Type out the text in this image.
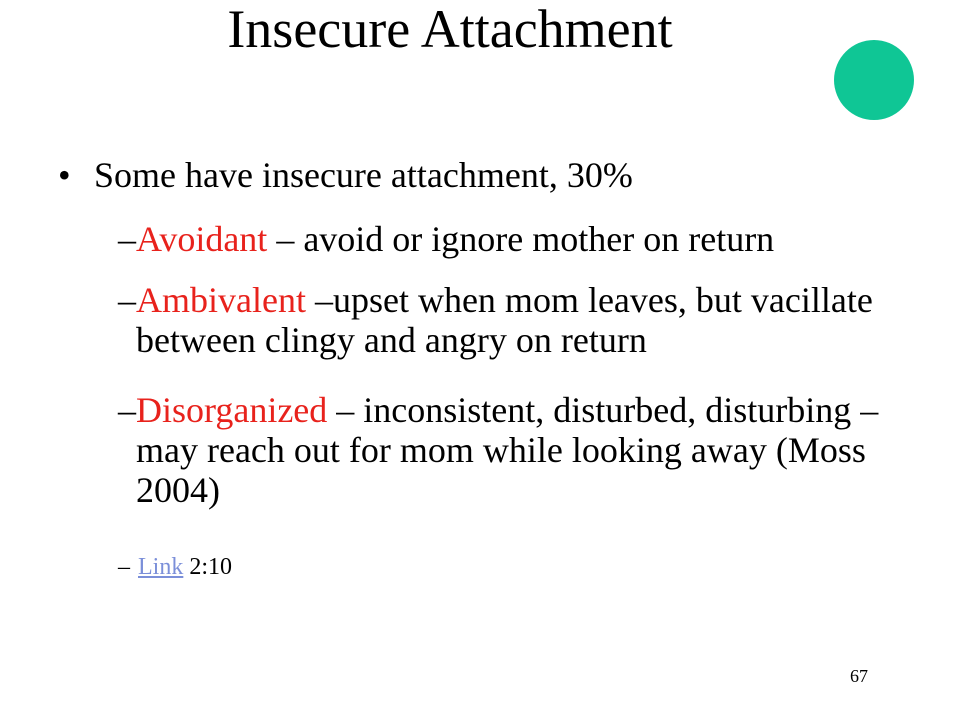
Insecure Attachment
• Some have insecure attachment, 30%
– Avoidant – avoid or ignore mother on return
– Ambivalent –upset when mom leaves, but vacillate between clingy and angry on return
– Disorganized – inconsistent, disturbed, disturbing – may reach out for mom while looking away (Moss 2004)
– Link 2:10
67
